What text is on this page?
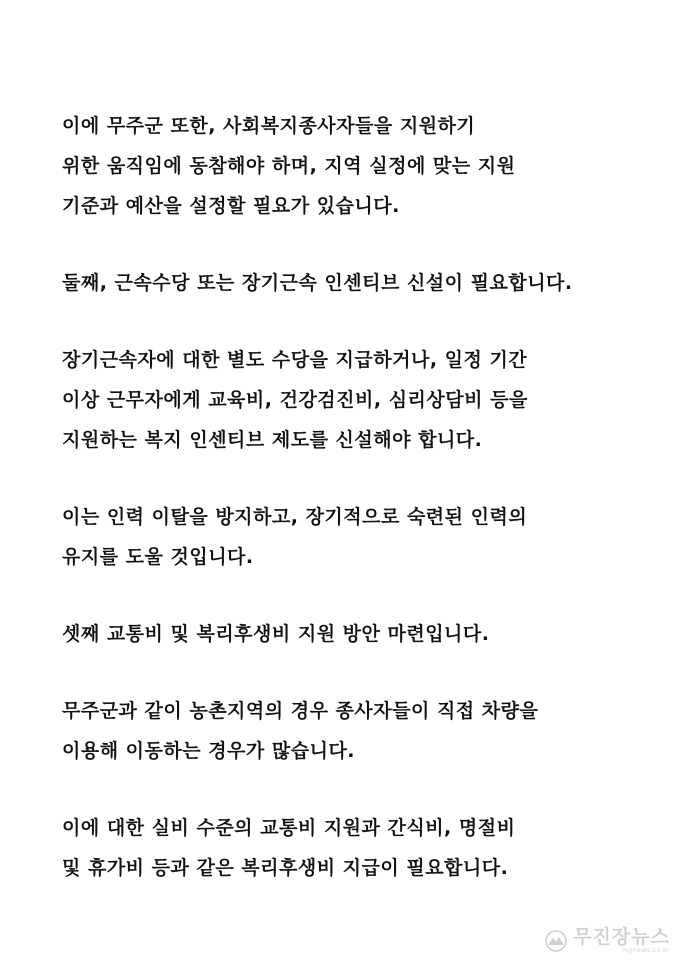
이에 무주군 또한, 사회복지종사자들을 지원하기
위한 움직임에 동참해야 하며, 지역 실정에 맞는 지원
기준과 예산을 설정할 필요가 있습니다.

둘째, 근속수당 또는 장기근속 인센티브 신설이 필요합니다.

장기근속자에 대한 별도 수당을 지급하거나, 일정 기간
이상 근무자에게 교육비, 건강검진비, 심리상담비 등을
지원하는 복지 인센티브 제도를 신설해야 합니다.

이는 인력 이탈을 방지하고, 장기적으로 숙련된 인력의
유지를 도울 것입니다.

셋째 교통비 및 복리후생비 지원 방안 마련입니다.

무주군과 같이 농촌지역의 경우 종사자들이 직접 차량을
이용해 이동하는 경우가 많습니다.

이에 대한 실비 수준의 교통비 지원과 간식비, 명절비
및 휴가비 등과 같은 복리후생비 지급이 필요합니다.

무진장뉴스
mjjnews.co.kr
